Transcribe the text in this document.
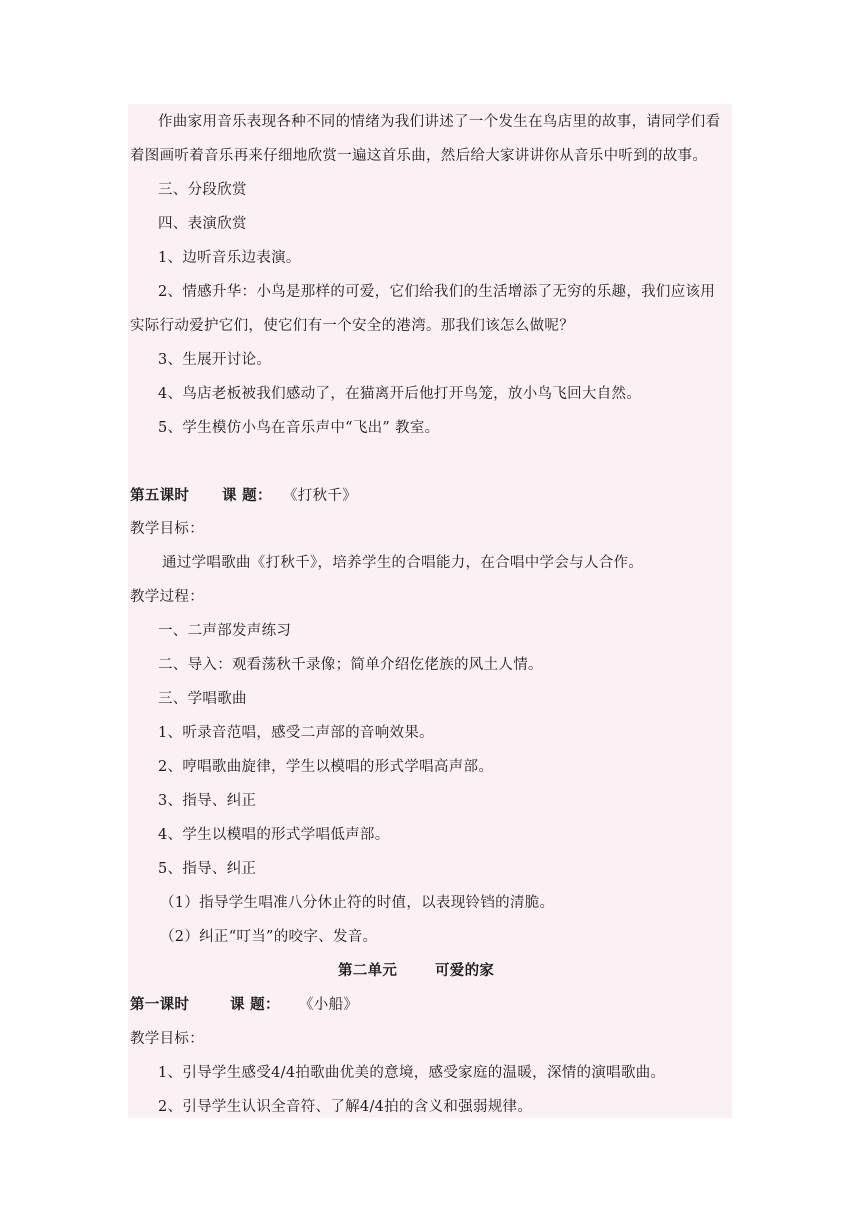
作曲家用音乐表现各种不同的情绪为我们讲述了一个发生在鸟店里的故事，请同学们看
着图画听着音乐再来仔细地欣赏一遍这首乐曲，然后给大家讲讲你从音乐中听到的故事。
三、分段欣赏
四、表演欣赏
1、边听音乐边表演。
2、情感升华：小鸟是那样的可爱，它们给我们的生活增添了无穷的乐趣，我们应该用
实际行动爱护它们，使它们有一个安全的港湾。那我们该怎么做呢？
3、生展开讨论。
4、鸟店老板被我们感动了，在猫离开后他打开鸟笼，放小鸟飞回大自然。
5、学生模仿小鸟在音乐声中“飞出” 教室。
第五课时 课 题： 《打秋千》
教学目标：
通过学唱歌曲《打秋千》，培养学生的合唱能力，在合唱中学会与人合作。
教学过程：
一、二声部发声练习
二、导入：观看荡秋千录像；简单介绍仡佬族的风土人情。
三、学唱歌曲
1、听录音范唱，感受二声部的音响效果。
2、哼唱歌曲旋律，学生以模唱的形式学唱高声部。
3、指导、纠正
4、学生以模唱的形式学唱低声部。
5、指导、纠正
（1）指导学生唱准八分休止符的时值，以表现铃铛的清脆。
（2）纠正“叮当”的咬字、发音。
第二单元	可爱的家
第一课时	课 题： 《小船》
教学目标：
1、引导学生感受4/4拍歌曲优美的意境，感受家庭的温暖，深情的演唱歌曲。
2、引导学生认识全音符、了解4/4拍的含义和强弱规律。
